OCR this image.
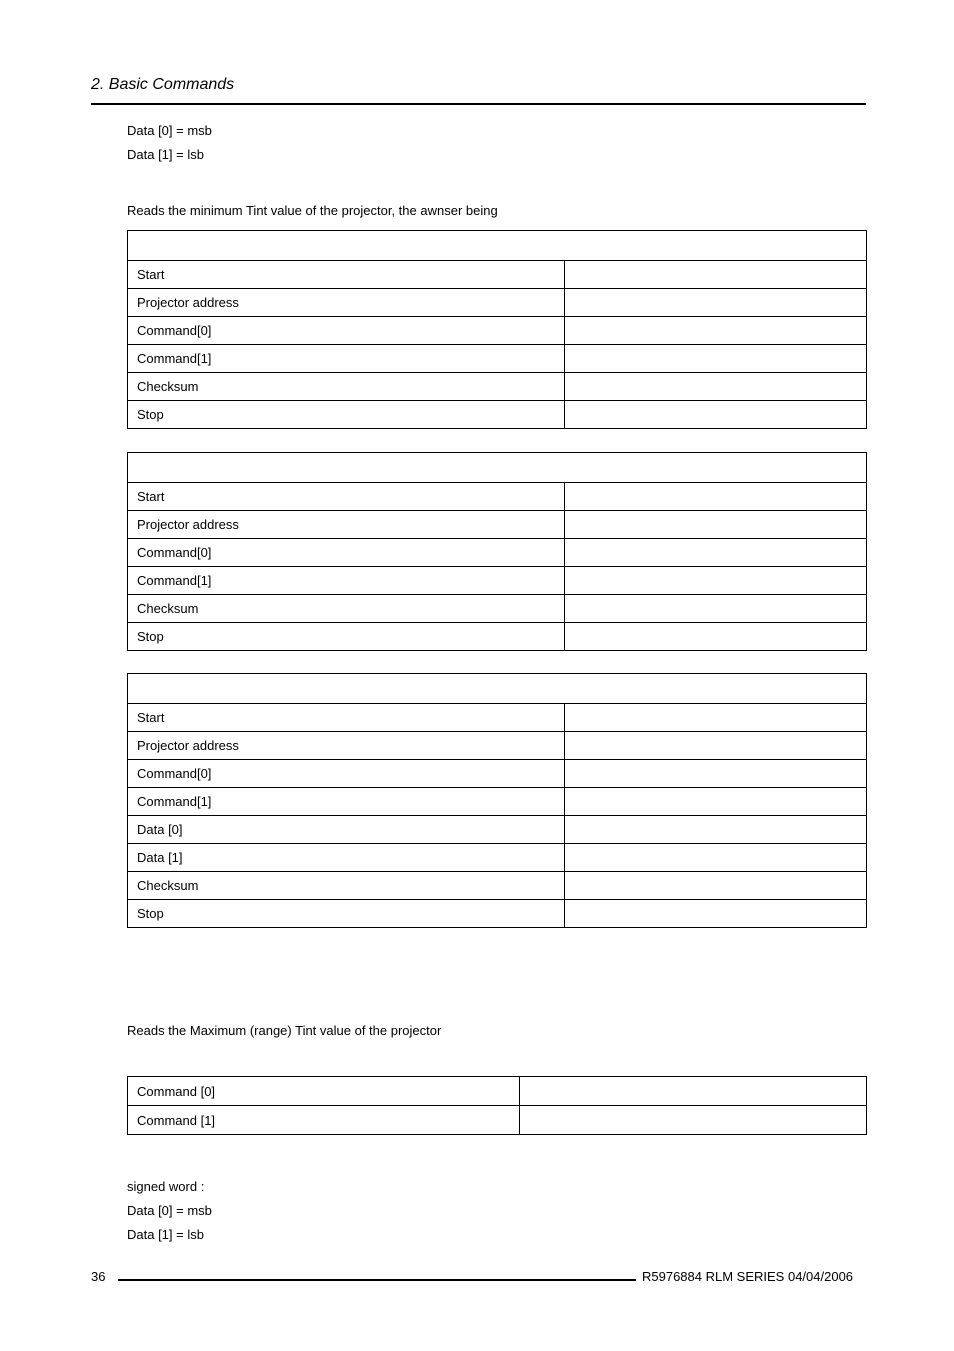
2. Basic Commands
Data [0] = msb
Data [1] = lsb
Reads the minimum Tint value of the projector, the awnser being

Start	
Projector address	
Command[0]	
Command[1]	
Checksum	
Stop	

Start	
Projector address	
Command[0]	
Command[1]	
Checksum	
Stop	

Start	
Projector address	
Command[0]	
Command[1]	
Data [0]	
Data [1]	
Checksum	
Stop	
Reads the Maximum (range) Tint value of the projector
Command [0]	
Command [1]	
signed word :
Data [0] = msb
Data [1] = lsb
36	R5976884 RLM SERIES 04/04/2006
